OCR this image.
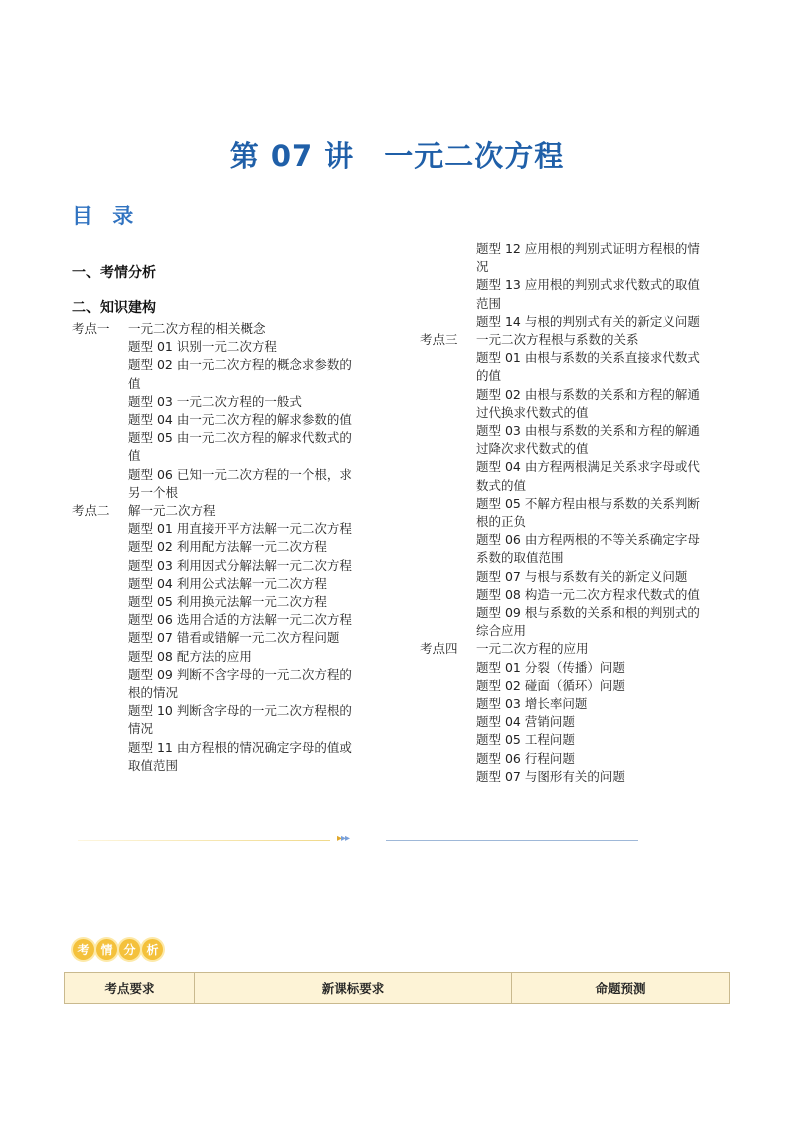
第 07 讲　一元二次方程
目 录
一、考情分析
二、知识建构
考点一 一元二次方程的相关概念
题型 01 识别一元二次方程
题型 02 由一元二次方程的概念求参数的
值
题型 03 一元二次方程的一般式
题型 04 由一元二次方程的解求参数的值
题型 05 由一元二次方程的解求代数式的
值
题型 06 已知一元二次方程的一个根，求
另一个根
考点二 解一元二次方程
题型 01 用直接开平方法解一元二次方程
题型 02 利用配方法解一元二次方程
题型 03 利用因式分解法解一元二次方程
题型 04 利用公式法解一元二次方程
题型 05 利用换元法解一元二次方程
题型 06 选用合适的方法解一元二次方程
题型 07 错看或错解一元二次方程问题
题型 08 配方法的应用
题型 09 判断不含字母的一元二次方程的
根的情况
题型 10 判断含字母的一元二次方程根的
情况
题型 11 由方程根的情况确定字母的值或
取值范围
题型 12 应用根的判别式证明方程根的情
况
题型 13 应用根的判别式求代数式的取值
范围
题型 14 与根的判别式有关的新定义问题
考点三 一元二次方程根与系数的关系
题型 01 由根与系数的关系直接求代数式
的值
题型 02 由根与系数的关系和方程的解通
过代换求代数式的值
题型 03 由根与系数的关系和方程的解通
过降次求代数式的值
题型 04 由方程两根满足关系求字母或代
数式的值
题型 05 不解方程由根与系数的关系判断
根的正负
题型 06 由方程两根的不等关系确定字母
系数的取值范围
题型 07 与根与系数有关的新定义问题
题型 08 构造一元二次方程求代数式的值
题型 09 根与系数的关系和根的判别式的
综合应用
考点四 一元二次方程的应用
题型 01 分裂（传播）问题
题型 02 碰面（循环）问题
题型 03 增长率问题
题型 04 营销问题
题型 05 工程问题
题型 06 行程问题
题型 07 与图形有关的问题
▸▸▸
考 情 分 析
考点要求	新课标要求	命题预测
